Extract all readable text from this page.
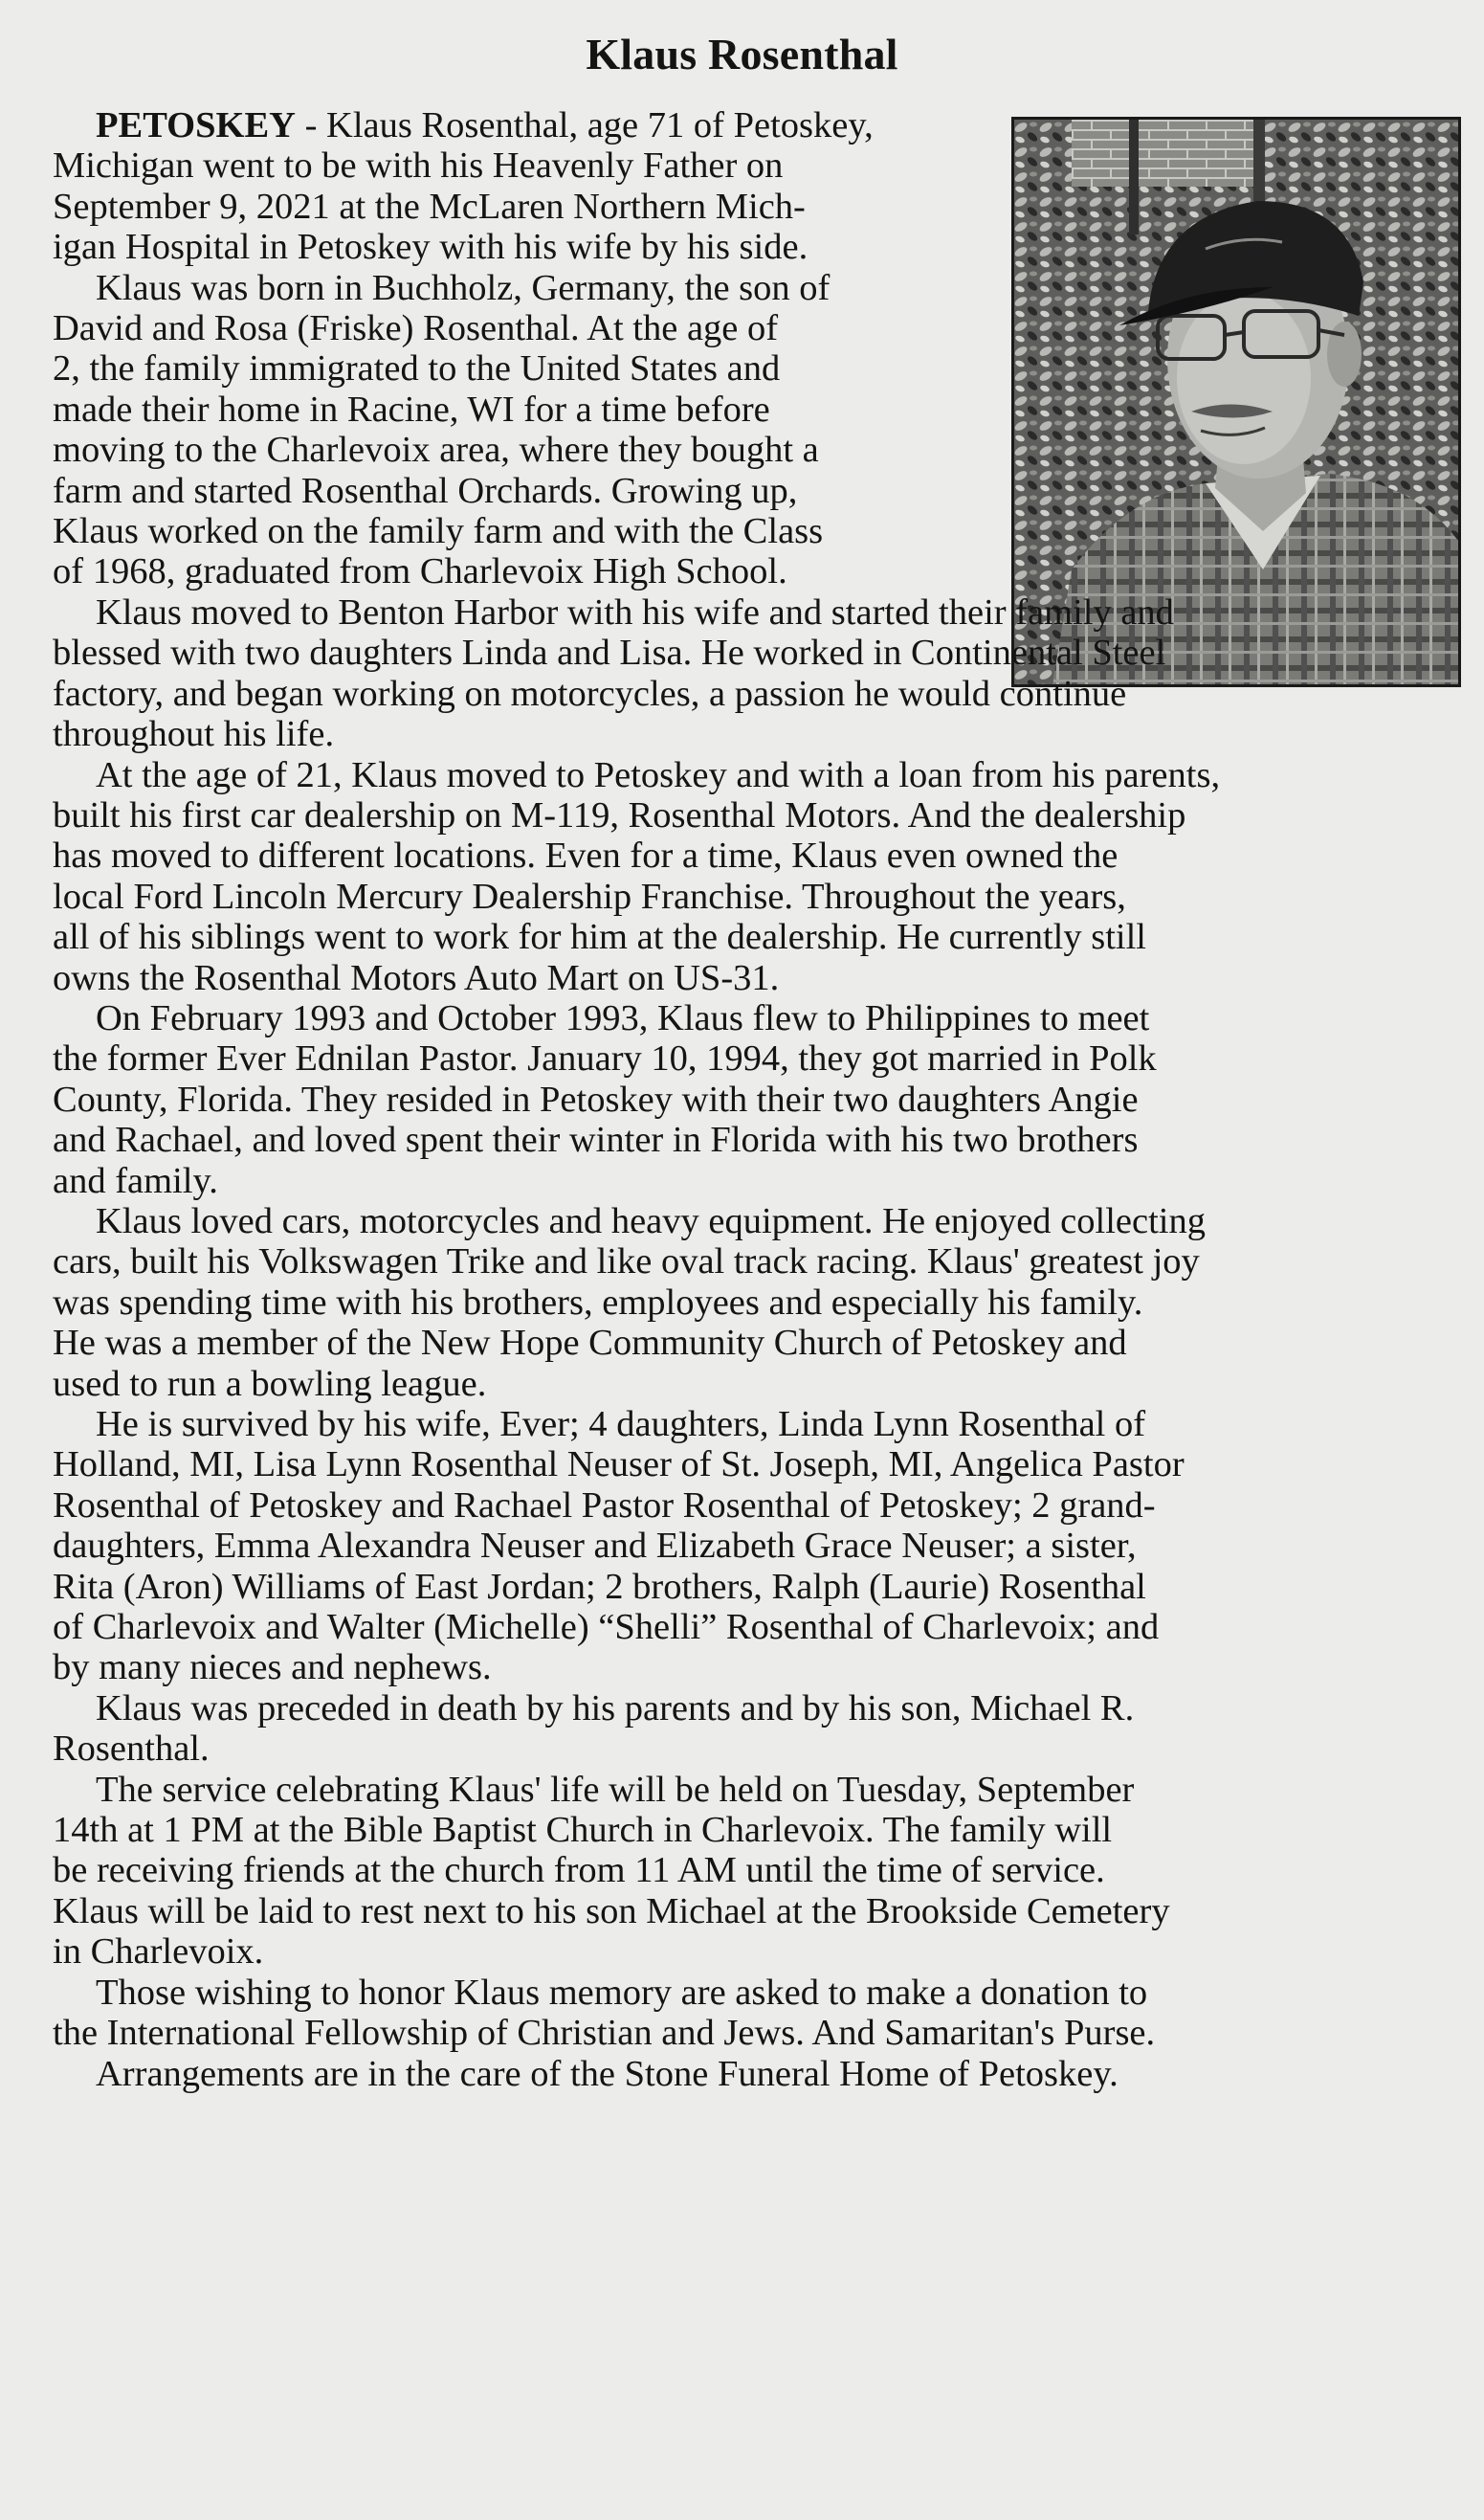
Klaus Rosenthal
PETOSKEY - Klaus Rosenthal, age 71 of Petoskey,
Michigan went to be with his Heavenly Father on
September 9, 2021 at the McLaren Northern Mich-
igan Hospital in Petoskey with his wife by his side.
Klaus was born in Buchholz, Germany, the son of
David and Rosa (Friske) Rosenthal. At the age of
2, the family immigrated to the United States and
made their home in Racine, WI for a time before
moving to the Charlevoix area, where they bought a
farm and started Rosenthal Orchards. Growing up,
Klaus worked on the family farm and with the Class
of 1968, graduated from Charlevoix High School.
Klaus moved to Benton Harbor with his wife and started their family and
blessed with two daughters Linda and Lisa. He worked in Continental Steel
factory, and began working on motorcycles, a passion he would continue
throughout his life.
At the age of 21, Klaus moved to Petoskey and with a loan from his parents,
built his first car dealership on M-119, Rosenthal Motors. And the dealership
has moved to different locations. Even for a time, Klaus even owned the
local Ford Lincoln Mercury Dealership Franchise. Throughout the years,
all of his siblings went to work for him at the dealership. He currently still
owns the Rosenthal Motors Auto Mart on US-31.
On February 1993 and October 1993, Klaus flew to Philippines to meet
the former Ever Ednilan Pastor. January 10, 1994, they got married in Polk
County, Florida. They resided in Petoskey with their two daughters Angie
and Rachael, and loved spent their winter in Florida with his two brothers
and family.
Klaus loved cars, motorcycles and heavy equipment. He enjoyed collecting
cars, built his Volkswagen Trike and like oval track racing. Klaus' greatest joy
was spending time with his brothers, employees and especially his family.
He was a member of the New Hope Community Church of Petoskey and
used to run a bowling league.
He is survived by his wife, Ever; 4 daughters, Linda Lynn Rosenthal of
Holland, MI, Lisa Lynn Rosenthal Neuser of St. Joseph, MI, Angelica Pastor
Rosenthal of Petoskey and Rachael Pastor Rosenthal of Petoskey; 2 grand-
daughters, Emma Alexandra Neuser and Elizabeth Grace Neuser; a sister,
Rita (Aron) Williams of East Jordan; 2 brothers, Ralph (Laurie) Rosenthal
of Charlevoix and Walter (Michelle) “Shelli” Rosenthal of Charlevoix; and
by many nieces and nephews.
Klaus was preceded in death by his parents and by his son, Michael R.
Rosenthal.
The service celebrating Klaus' life will be held on Tuesday, September
14th at 1 PM at the Bible Baptist Church in Charlevoix. The family will
be receiving friends at the church from 11 AM until the time of service.
Klaus will be laid to rest next to his son Michael at the Brookside Cemetery
in Charlevoix.
Those wishing to honor Klaus memory are asked to make a donation to
the International Fellowship of Christian and Jews. And Samaritan's Purse.
Arrangements are in the care of the Stone Funeral Home of Petoskey.
